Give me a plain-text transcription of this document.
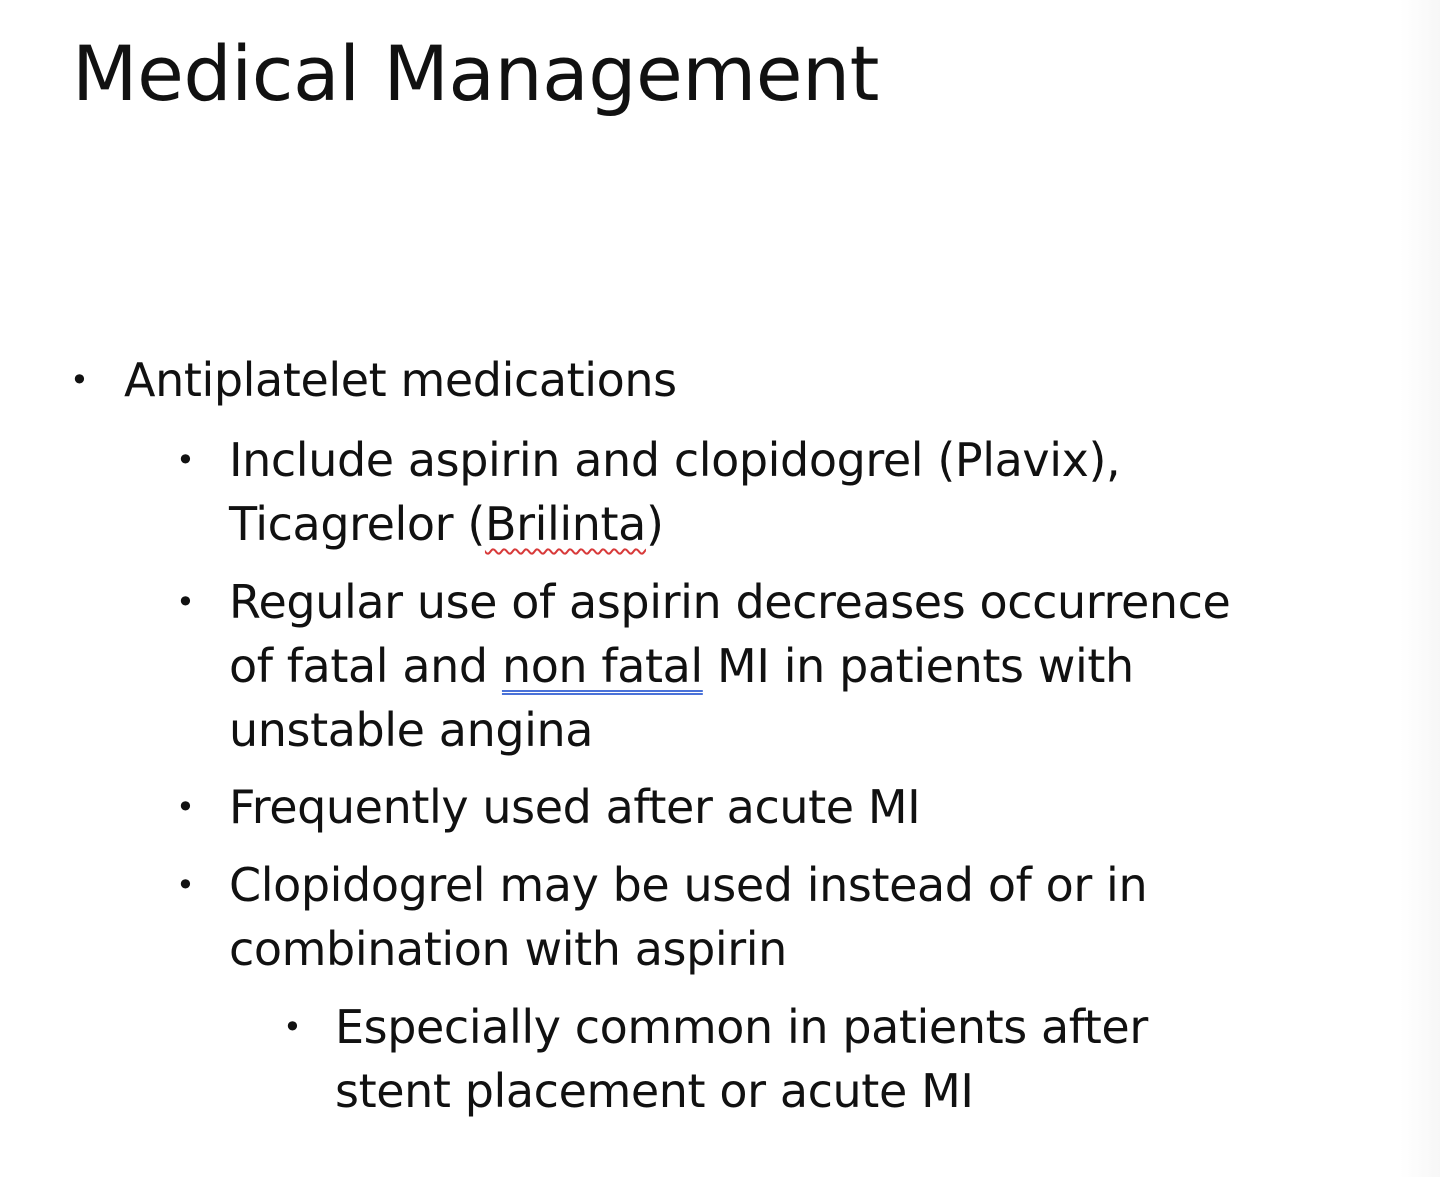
Medical Management
• Antiplatelet medications
• Include aspirin and clopidogrel (Plavix),
Ticagrelor (Brilinta)
• Regular use of aspirin decreases occurrence
of fatal and non fatal MI in patients with
unstable angina
• Frequently used after acute MI
• Clopidogrel may be used instead of or in
combination with aspirin
• Especially common in patients after
stent placement or acute MI
